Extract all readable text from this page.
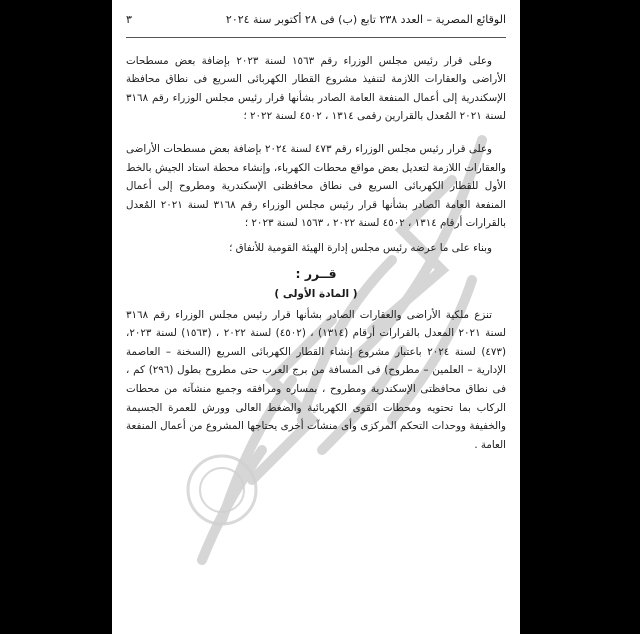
الوقائع المصرية – العدد ٢٣٨ تابع (ب) فى ٢٨ أكتوبر سنة ٢٠٢٤
٣

وعلى قرار رئيس مجلس الوزراء رقم ١٥٦٣ لسنة ٢٠٢٣ بإضافة بعض مسطحات الأراضى والعقارات اللازمة لتنفيذ مشروع القطار الكهربائى السريع فى نطاق محافظة الإسكندرية إلى أعمال المنفعة العامة الصادر بشأنها قرار رئيس مجلس الوزراء رقم ٣١٦٨ لسنة ٢٠٢١ المُعدل بالقرارين رقمى ١٣١٤ ، ٤٥٠٢ لسنة ٢٠٢٢ ؛

وعلى قرار رئيس مجلس الوزراء رقم ٤٧٣ لسنة ٢٠٢٤ بإضافة بعض مسطحات الأراضى والعقارات اللازمة لتعديل بعض مواقع محطات الكهرباء، وإنشاء محطة استاد الجيش بالخط الأول للقطار الكهربائى السريع فى نطاق محافظتى الإسكندرية ومطروح إلى أعمال المنفعة العامة الصادر بشأنها قرار رئيس مجلس الوزراء رقم ٣١٦٨ لسنة ٢٠٢١ المُعدل بالقرارات أرقام ١٣١٤ ، ٤٥٠٢ لسنة ٢٠٢٢ ، ١٥٦٣ لسنة ٢٠٢٣ ؛

وبناء على ما عرضه رئيس مجلس إدارة الهيئة القومية للأنفاق ؛

قــرر :
( المادة الأولى )

تنزع ملكية الأراضى والعقارات الصادر بشأنها قرار رئيس مجلس الوزراء رقم ٣١٦٨ لسنة ٢٠٢١ المعدل بالقرارات أرقام (١٣١٤) ، (٤٥٠٢) لسنة ٢٠٢٢ ، (١٥٦٣) لسنة ٢٠٢٣، (٤٧٣) لسنة ٢٠٢٤ باعتبار مشروع إنشاء القطار الكهربائى السريع (السخنة – العاصمة الإدارية – العلمين – مطروح) فى المسافة من برج العرب حتى مطروح بطول (٢٩٦) كم ، فى نطاق محافظتى الإسكندرية ومطروح ، بمساره ومرافقه وجميع منشآته من محطات الركاب بما تحتويه ومحطات القوى الكهربائية والضغط العالى وورش للعمرة الجسيمة والخفيفة ووحدات التحكم المركزى وأى منشآت أخرى يحتاجها المشروع من أعمال المنفعة العامة .
